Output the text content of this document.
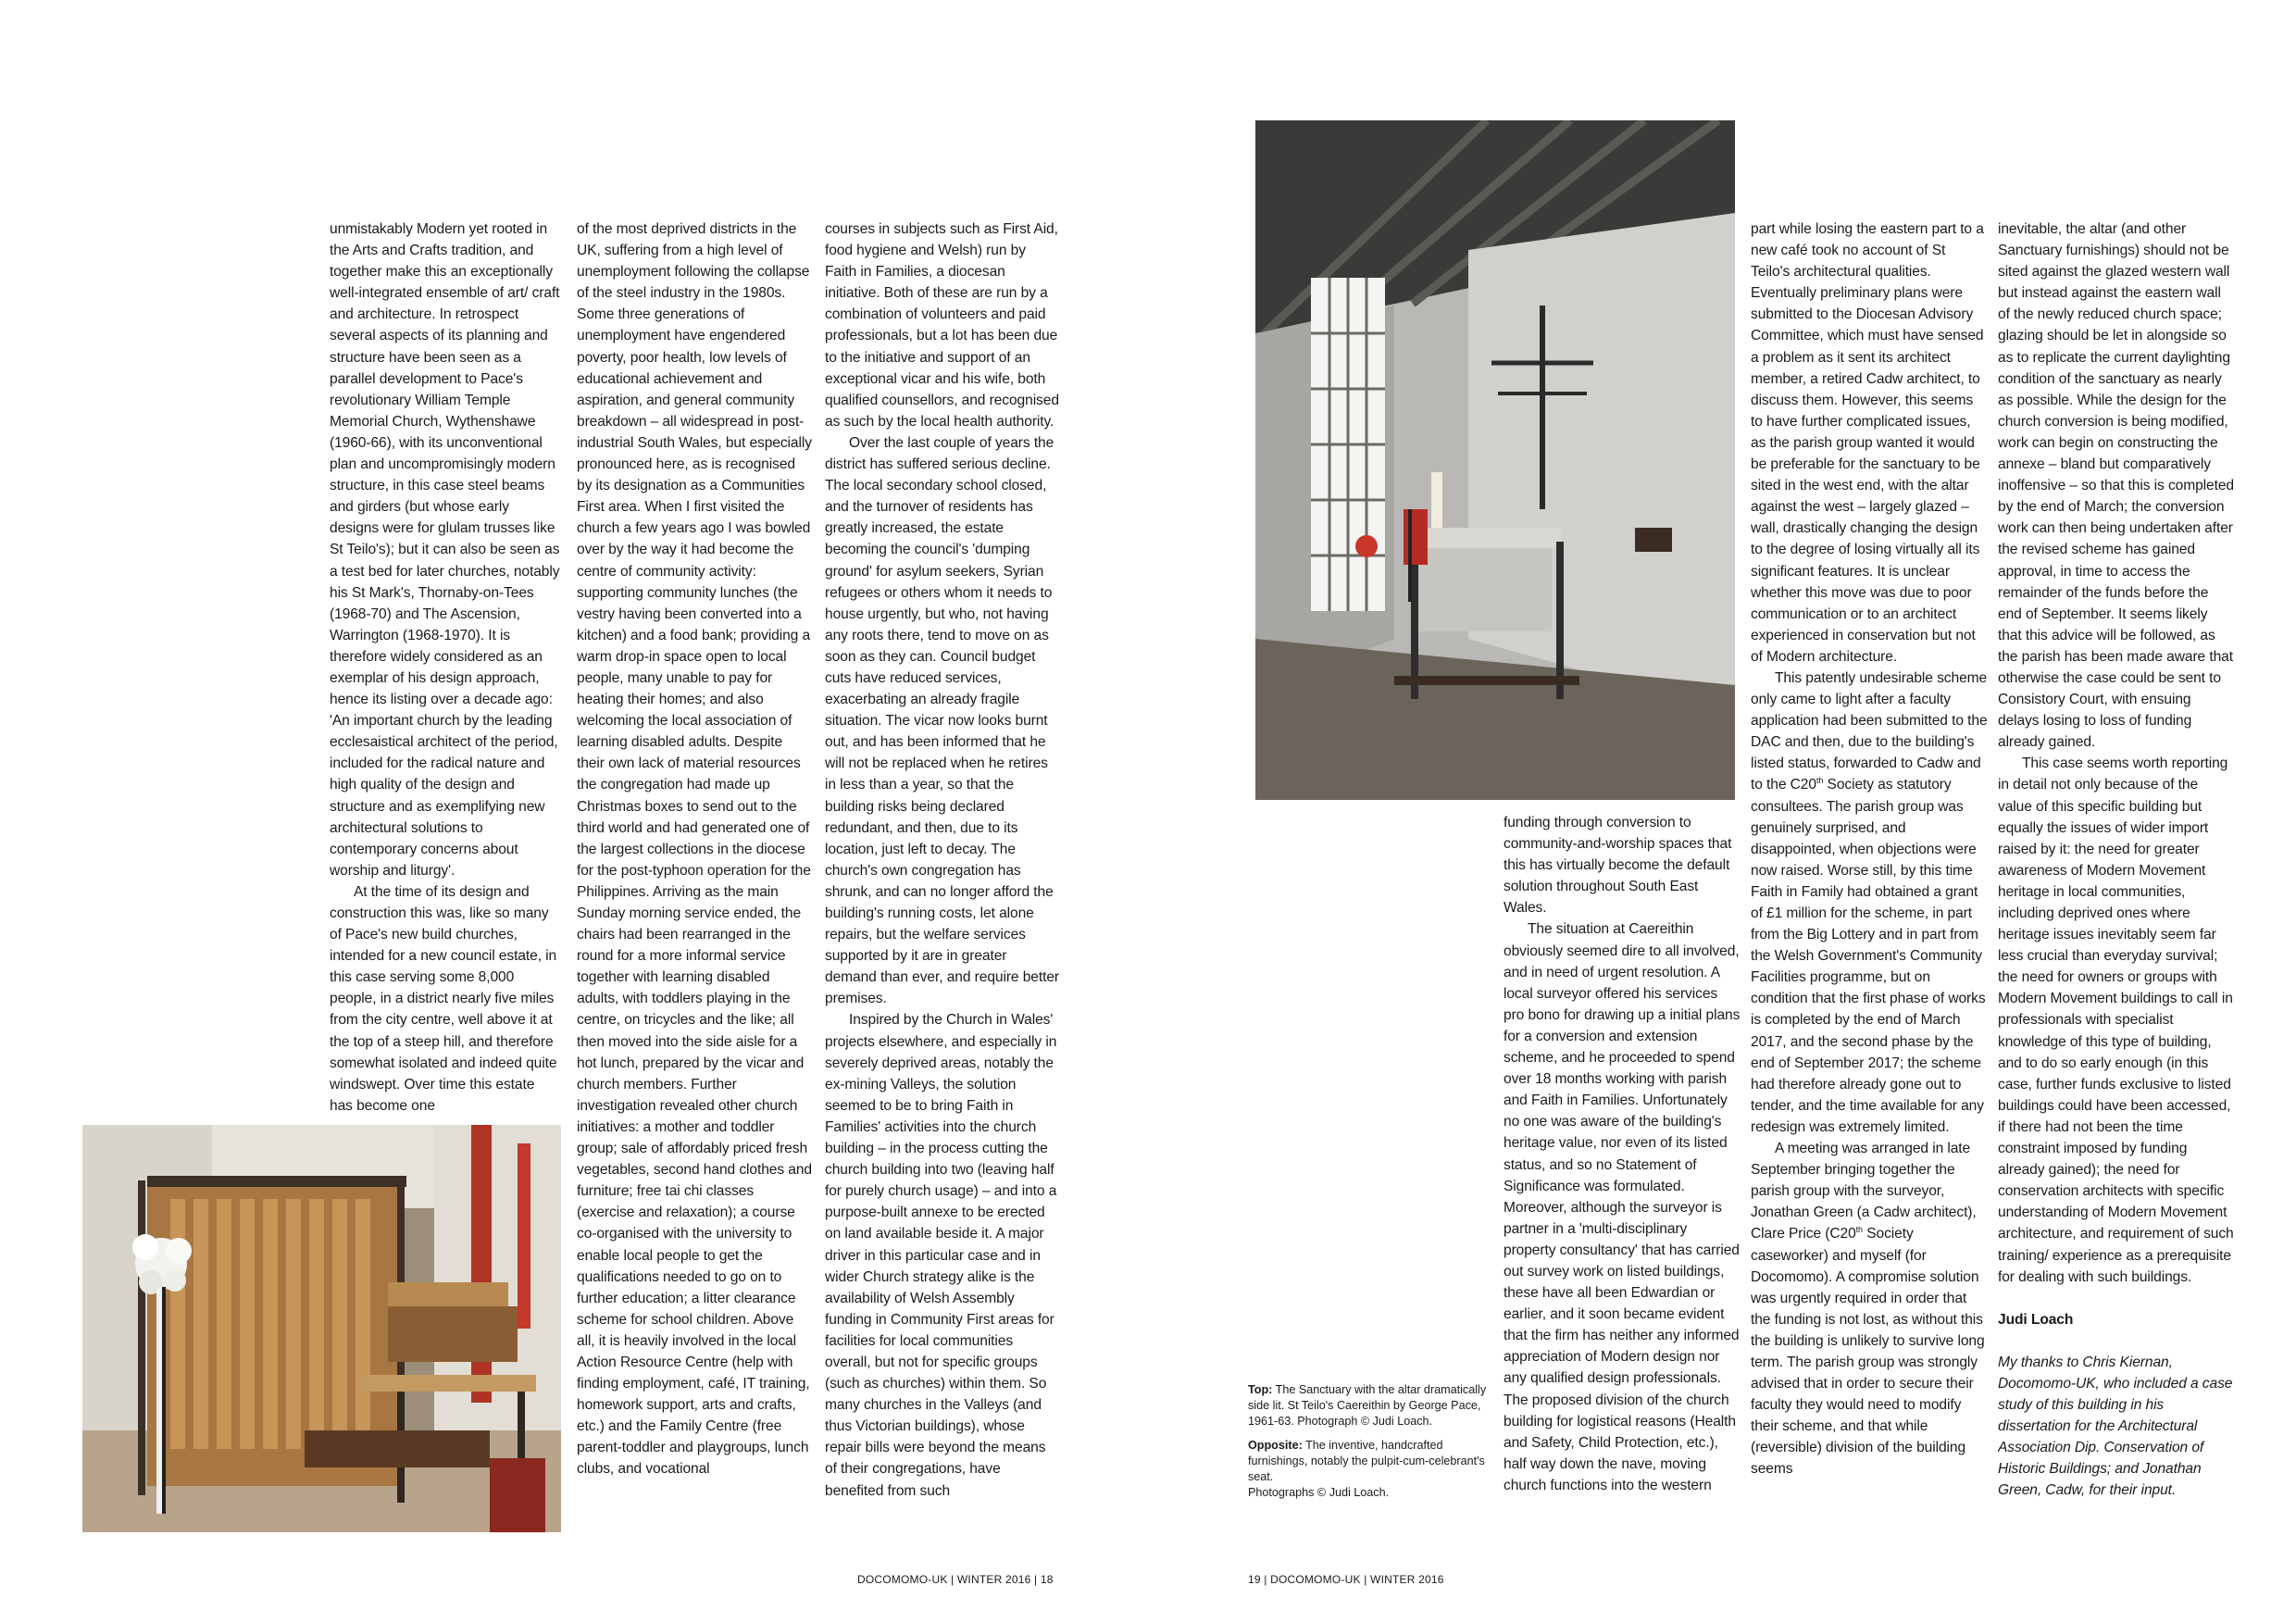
unmistakably Modern yet rooted in the Arts and Crafts tradition, and together make this an exceptionally well-integrated ensemble of art/ craft and architecture. In retrospect several aspects of its planning and structure have been seen as a parallel development to Pace's revolutionary William Temple Memorial Church, Wythenshawe (1960-66), with its unconventional plan and uncompromisingly modern structure, in this case steel beams and girders (but whose early designs were for glulam trusses like St Teilo's); but it can also be seen as a test bed for later churches, notably his St Mark's, Thornaby-on-Tees (1968-70) and The Ascension, Warrington (1968-1970). It is therefore widely considered as an exemplar of his design approach, hence its listing over a decade ago: 'An important church by the leading ecclesaistical architect of the period, included for the radical nature and high quality of the design and structure and as exemplifying new architectural solutions to contemporary concerns about worship and liturgy'.

At the time of its design and construction this was, like so many of Pace's new build churches, intended for a new council estate, in this case serving some 8,000 people, in a district nearly five miles from the city centre, well above it at the top of a steep hill, and therefore somewhat isolated and indeed quite windswept. Over time this estate has become one

of the most deprived districts in the UK, suffering from a high level of unemployment following the collapse of the steel industry in the 1980s. Some three generations of unemployment have engendered poverty, poor health, low levels of educational achievement and aspiration, and general community breakdown – all widespread in post-industrial South Wales, but especially pronounced here, as is recognised by its designation as a Communities First area. When I first visited the church a few years ago I was bowled over by the way it had become the centre of community activity: supporting community lunches (the vestry having been converted into a kitchen) and a food bank; providing a warm drop-in space open to local people, many unable to pay for heating their homes; and also welcoming the local association of learning disabled adults. Despite their own lack of material resources the congregation had made up Christmas boxes to send out to the third world and had generated one of the largest collections in the diocese for the post-typhoon operation for the Philippines. Arriving as the main Sunday morning service ended, the chairs had been rearranged in the round for a more informal service together with learning disabled adults, with toddlers playing in the centre, on tricycles and the like; all then moved into the side aisle for a hot lunch, prepared by the vicar and church members. Further investigation revealed other church initiatives: a mother and toddler group; sale of affordably priced fresh vegetables, second hand clothes and furniture; free tai chi classes (exercise and relaxation); a course co-organised with the university to enable local people to get the qualifications needed to go on to further education; a litter clearance scheme for school children. Above all, it is heavily involved in the local Action Resource Centre (help with finding employment, café, IT training, homework support, arts and crafts, etc.) and the Family Centre (free parent-toddler and playgroups, lunch clubs, and vocational

courses in subjects such as First Aid, food hygiene and Welsh) run by Faith in Families, a diocesan initiative. Both of these are run by a combination of volunteers and paid professionals, but a lot has been due to the initiative and support of an exceptional vicar and his wife, both qualified counsellors, and recognised as such by the local health authority.

Over the last couple of years the district has suffered serious decline. The local secondary school closed, and the turnover of residents has greatly increased, the estate becoming the council's 'dumping ground' for asylum seekers, Syrian refugees or others whom it needs to house urgently, but who, not having any roots there, tend to move on as soon as they can. Council budget cuts have reduced services, exacerbating an already fragile situation. The vicar now looks burnt out, and has been informed that he will not be replaced when he retires in less than a year, so that the building risks being declared redundant, and then, due to its location, just left to decay. The church's own congregation has shrunk, and can no longer afford the building's running costs, let alone repairs, but the welfare services supported by it are in greater demand than ever, and require better premises.

Inspired by the Church in Wales' projects elsewhere, and especially in severely deprived areas, notably the ex-mining Valleys, the solution seemed to be to bring Faith in Families' activities into the church building – in the process cutting the church building into two (leaving half for purely church usage) – and into a purpose-built annexe to be erected on land available beside it. A major driver in this particular case and in wider Church strategy alike is the availability of Welsh Assembly funding in Community First areas for facilities for local communities overall, but not for specific groups (such as churches) within them. So many churches in the Valleys (and thus Victorian buildings), whose repair bills were beyond the means of their congregations, have benefited from such

DOCOMOMO-UK | WINTER 2016 | 18

Top: The Sanctuary with the altar dramatically side lit. St Teilo's Caereithin by George Pace, 1961-63. Photograph © Judi Loach.

Opposite: The inventive, handcrafted furnishings, notably the pulpit-cum-celebrant's seat.

Photographs © Judi Loach.

funding through conversion to community-and-worship spaces that this has virtually become the default solution throughout South East Wales.

The situation at Caereithin obviously seemed dire to all involved, and in need of urgent resolution. A local surveyor offered his services pro bono for drawing up a initial plans for a conversion and extension scheme, and he proceeded to spend over 18 months working with parish and Faith in Families. Unfortunately no one was aware of the building's heritage value, nor even of its listed status, and so no Statement of Significance was formulated. Moreover, although the surveyor is partner in a 'multi-disciplinary property consultancy' that has carried out survey work on listed buildings, these have all been Edwardian or earlier, and it soon became evident that the firm has neither any informed appreciation of Modern design nor any qualified design professionals. The proposed division of the church building for logistical reasons (Health and Safety, Child Protection, etc.), half way down the nave, moving church functions into the western

part while losing the eastern part to a new café took no account of St Teilo's architectural qualities. Eventually preliminary plans were submitted to the Diocesan Advisory Committee, which must have sensed a problem as it sent its architect member, a retired Cadw architect, to discuss them. However, this seems to have further complicated issues, as the parish group wanted it would be preferable for the sanctuary to be sited in the west end, with the altar against the west – largely glazed – wall, drastically changing the design to the degree of losing virtually all its significant features. It is unclear whether this move was due to poor communication or to an architect experienced in conservation but not of Modern architecture.

This patently undesirable scheme only came to light after a faculty application had been submitted to the DAC and then, due to the building's listed status, forwarded to Cadw and to the C20th Society as statutory consultees. The parish group was genuinely surprised, and disappointed, when objections were now raised. Worse still, by this time Faith in Family had obtained a grant of £1 million for the scheme, in part from the Big Lottery and in part from the Welsh Government's Community Facilities programme, but on condition that the first phase of works is completed by the end of March 2017, and the second phase by the end of September 2017; the scheme had therefore already gone out to tender, and the time available for any redesign was extremely limited.

A meeting was arranged in late September bringing together the parish group with the surveyor, Jonathan Green (a Cadw architect), Clare Price (C20th Society caseworker) and myself (for Docomomo). A compromise solution was urgently required in order that the funding is not lost, as without this the building is unlikely to survive long term. The parish group was strongly advised that in order to secure their faculty they would need to modify their scheme, and that while (reversible) division of the building seems

inevitable, the altar (and other Sanctuary furnishings) should not be sited against the glazed western wall but instead against the eastern wall of the newly reduced church space; glazing should be let in alongside so as to replicate the current daylighting condition of the sanctuary as nearly as possible. While the design for the church conversion is being modified, work can begin on constructing the annexe – bland but comparatively inoffensive – so that this is completed by the end of March; the conversion work can then being undertaken after the revised scheme has gained approval, in time to access the remainder of the funds before the end of September. It seems likely that this advice will be followed, as the parish has been made aware that otherwise the case could be sent to Consistory Court, with ensuing delays losing to loss of funding already gained.

This case seems worth reporting in detail not only because of the value of this specific building but equally the issues of wider import raised by it: the need for greater awareness of Modern Movement heritage in local communities, including deprived ones where heritage issues inevitably seem far less crucial than everyday survival; the need for owners or groups with Modern Movement buildings to call in professionals with specialist knowledge of this type of building, and to do so early enough (in this case, further funds exclusive to listed buildings could have been accessed, if there had not been the time constraint imposed by funding already gained); the need for conservation architects with specific understanding of Modern Movement architecture, and requirement of such training/ experience as a prerequisite for dealing with such buildings.

Judi Loach

My thanks to Chris Kiernan, Docomomo-UK, who included a case study of this building in his dissertation for the Architectural Association Dip. Conservation of Historic Buildings; and Jonathan Green, Cadw, for their input.

19 | DOCOMOMO-UK | WINTER 2016
